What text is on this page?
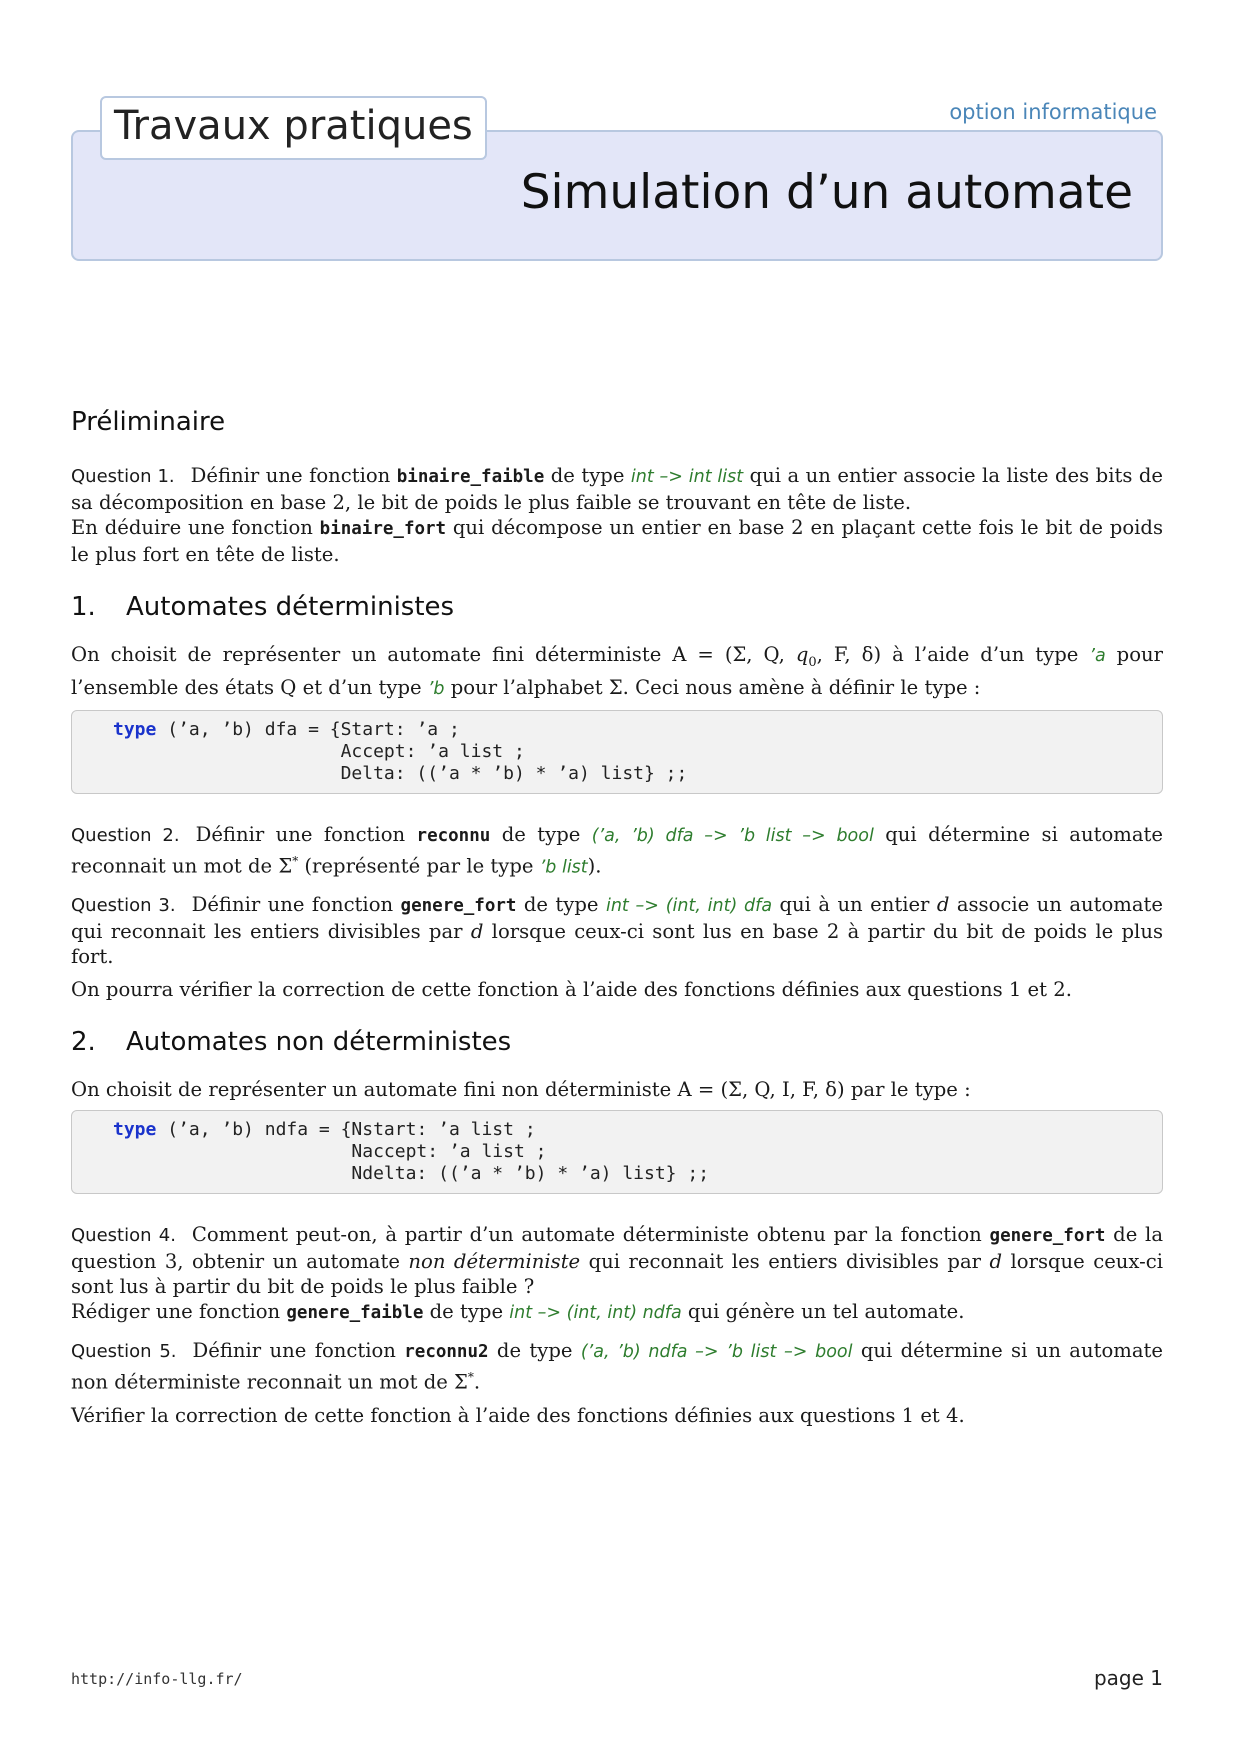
Travaux pratiques	option informatique
Simulation d’un automate
Préliminaire

Question 1. Définir une fonction binaire_faible de type int –> int list qui a un entier associe la liste des bits de sa décomposition en base 2, le bit de poids le plus faible se trouvant en tête de liste.
En déduire une fonction binaire_fort qui décompose un entier en base 2 en plaçant cette fois le bit de poids le plus fort en tête de liste.

1. Automates déterministes

On choisit de représenter un automate fini déterministe A = (Σ, Q, $q_0$, F, δ) à l’aide d’un type ’a pour l’ensemble des états Q et d’un type ’b pour l’alphabet Σ. Ceci nous amène à définir le type :

type (’a, ’b) dfa = {Start: ’a ;
Accept: ’a list ;
Delta: ((’a * ’b) * ’a) list} ;;

Question 2. Définir une fonction reconnu de type (’a, ’b) dfa –> ’b list –> bool qui détermine si automate reconnait un mot de Σ* (représenté par le type ’b list).

Question 3. Définir une fonction genere_fort de type int –> (int, int) dfa qui à un entier d associe un automate qui reconnait les entiers divisibles par d lorsque ceux-ci sont lus en base 2 à partir du bit de poids le plus fort.

On pourra vérifier la correction de cette fonction à l’aide des fonctions définies aux questions 1 et 2.

2. Automates non déterministes

On choisit de représenter un automate fini non déterministe A = (Σ, Q, I, F, δ) par le type :

type (’a, ’b) ndfa = {Nstart: ’a list ;
Naccept: ’a list ;
Ndelta: ((’a * ’b) * ’a) list} ;;

Question 4. Comment peut-on, à partir d’un automate déterministe obtenu par la fonction genere_fort de la question 3, obtenir un automate non déterministe qui reconnait les entiers divisibles par d lorsque ceux-ci sont lus à partir du bit de poids le plus faible ?
Rédiger une fonction genere_faible de type int –> (int, int) ndfa qui génère un tel automate.

Question 5. Définir une fonction reconnu2 de type (’a, ’b) ndfa –> ’b list –> bool qui détermine si un automate non déterministe reconnait un mot de Σ*.

Vérifier la correction de cette fonction à l’aide des fonctions définies aux questions 1 et 4.

http://info-llg.fr/	page 1
